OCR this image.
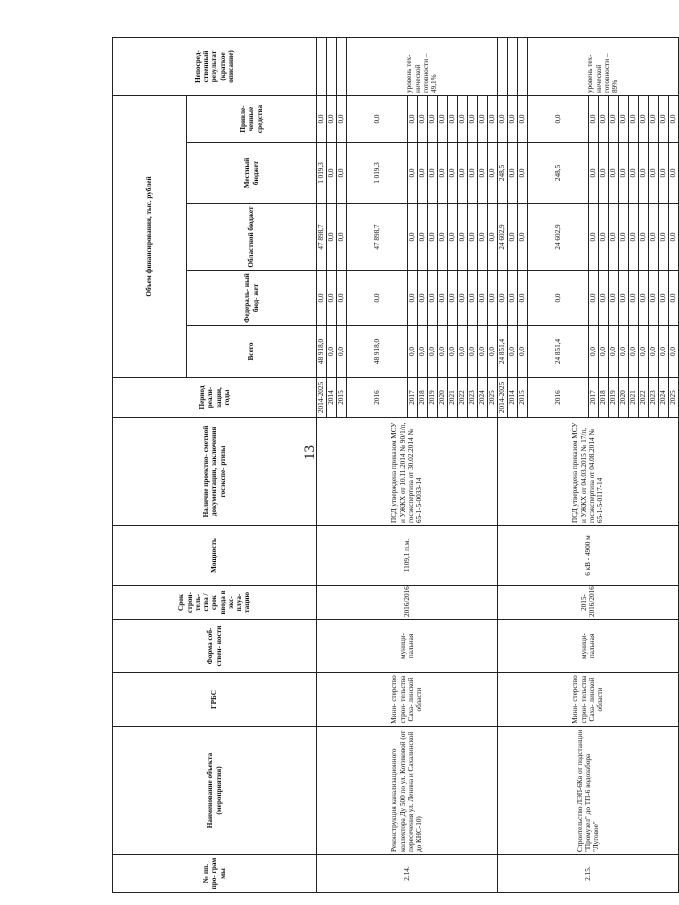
13
№ пп. про- грам мы	Наименование объекта (мероприятия)	ГРБС	Форма соб- ствен- ности	Срок строи- тель- ства / срок ввода в экс- плуа- тацию	Мощность	Наличие проектно- сметной документации, заключения госэкспе- ртизы	Период реали- зации, годы	Объем финансирования, тыс. рублей					Непосред- ственный результат (краткое описание)
								Всего	Федераль- ный бюд- жет	Областной бюджет	Местный бюджет	Привле- ченные средства	
2.14.	Реконструкция канализационного коллектора Ду 500 по ул. Котиковой (от пересечения ул. Ленина и Сахалинской до КНС-10)	Мини- стерство строи- тельства Саха- линской области	муници- пальная	2016/2016	1109,1 п.м.	ПСД утверждена приказом МСУ и УЖКХ от 10.11.2014 № 90/1/п, госэкспертиза от 30.02.2014 № 65-1-5-0033-14	2014-2025	48 918,0	0,0	47 898,7	1 019,3	0,0	
							2014	0,0	0,0	0,0	0,0	0,0	
							2015	0,0	0,0	0,0	0,0	0,0	
							2016	48 918,0	0,0	47 898,7	1 019,3	0,0	уровень тех- нической готовности – 49,1%
							2017	0,0	0,0	0,0	0,0	0,0	
							2018	0,0	0,0	0,0	0,0	0,0	
							2019	0,0	0,0	0,0	0,0	0,0	
							2020	0,0	0,0	0,0	0,0	0,0	
							2021	0,0	0,0	0,0	0,0	0,0	
							2022	0,0	0,0	0,0	0,0	0,0	
							2023	0,0	0,0	0,0	0,0	0,0	
							2024	0,0	0,0	0,0	0,0	0,0	
							2025	0,0	0,0	0,0	0,0	0,0	
2.15.	Строительство ЛЭП-6Кв от подстанции "Промузел" до ТП-6 водозабора "Луговое"	Мини- стерство строи- тельства Саха- линской области	муници- пальная	2015-2016/2016	6 кВ - 4900 м	ПСД утверждена приказом МСУ и УЖКХ от 04.03.2015 № 17/п, госэкспертиза от 04.08.2014 № 65-1-5-0117-14	2014-2025	24 851,4	0,0	24 602,9	248,5	0,0	
							2014	0,0	0,0	0,0	0,0	0,0	
							2015	0,0	0,0	0,0	0,0	0,0	
							2016	24 851,4	0,0	24 602,9	248,5	0,0	уровень тех- нической готовности – 89%
							2017	0,0	0,0	0,0	0,0	0,0	
							2018	0,0	0,0	0,0	0,0	0,0	
							2019	0,0	0,0	0,0	0,0	0,0	
							2020	0,0	0,0	0,0	0,0	0,0	
							2021	0,0	0,0	0,0	0,0	0,0	
							2022	0,0	0,0	0,0	0,0	0,0	
							2023	0,0	0,0	0,0	0,0	0,0	
							2024	0,0	0,0	0,0	0,0	0,0	
							2025	0,0	0,0	0,0	0,0	0,0	
